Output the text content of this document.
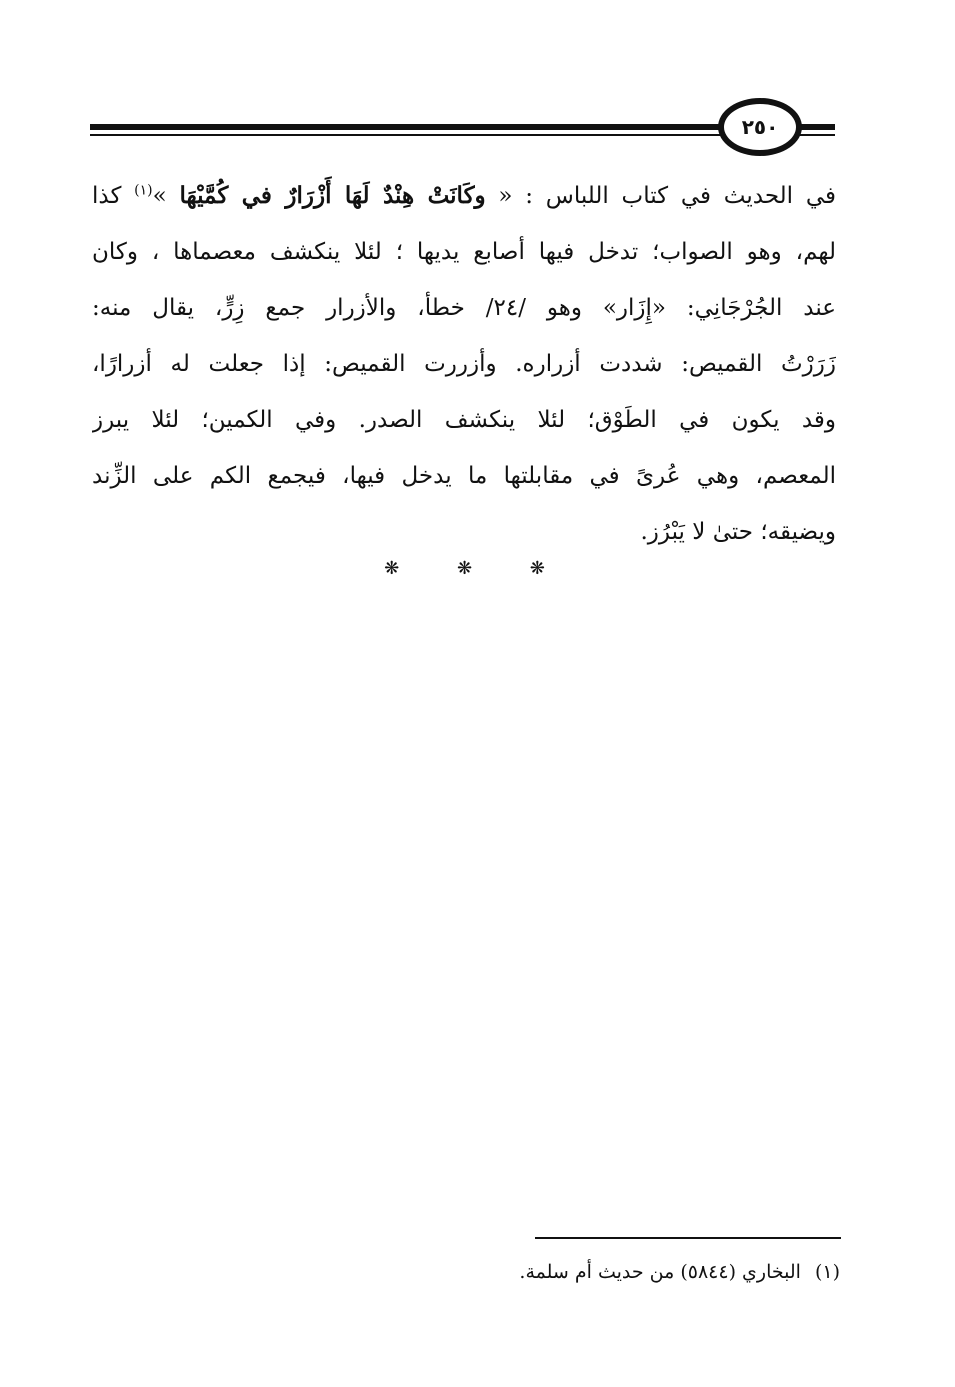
٢٥٠
في الحديث في كتاب اللباس : « وكَانَتْ هِنْدٌ لَهَا أَزْرَارٌ في كُمَّيْهَا »$^{(١)}$ كذا
لهم، وهو الصواب؛ تدخل فيها أصابع يديها ؛ لئلا ينكشف معصماها ، وكان
عند الجُرْجَانِي: «إِزَار» وهو /٢٤/ خطأ، والأزرار جمع زِرٍّ، يقال منه:
زَرَرْتُ القميص: شددت أزراره. وأزررت القميص: إذا جعلت له أزرارًا،
وقد يكون في الطَوْق؛ لئلا ينكشف الصدر. وفي الكمين؛ لئلا يبرز
المعصم، وهي عُرىً في مقابلتها ما يدخل فيها، فيجمع الكم على الزِّند
ويضيقه؛ حتىٰ لا يَبْرُز.
❋ ❋ ❋
(١)البخاري (٥٨٤٤) من حديث أم سلمة.
